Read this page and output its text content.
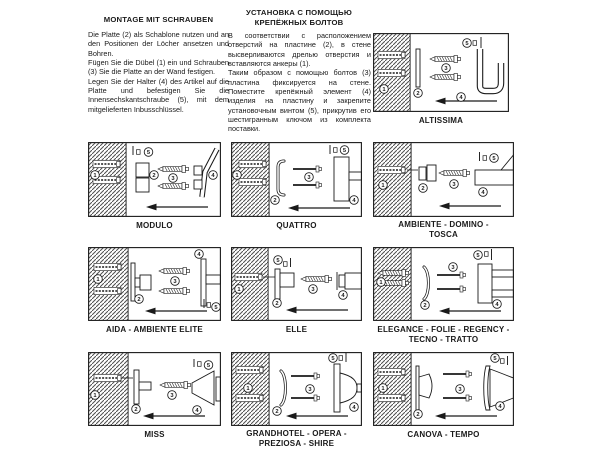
MONTAGE MIT SCHRAUBEN

Die Platte (2) als Schablone nutzen und an den Positionen der Löcher ansetzen und Bohren.

Fügen Sie die Dübel (1) ein und Schrauben (3) Sie die Platte an der Wand festigen.

Legen Sie der Halter (4) des Artikel auf die Platte und befestigen Sie die Innensechskantschraube (5), mit dem mitgelieferten Inbusschlüssel.

УСТАНОВКА С ПОМОЩЬЮ КРЕПЁЖНЫХ БОЛТОВ

В соответствии с расположением отверстий на пластине (2), в стене высверливаются дрелью отверстия и вставляются анкеры (1).

Таким образом с помощью болтов (3) пластина фиксируется на стене. Поместите крепёжный элемент (4) изделия на пластину и закрепите установочным винтом (5), прикрутив его шестигранным ключом из комплекта поставки.

1
2
3
4
5
ALTISSIMA
1	2	3	4
5
MODULO
1
2
3
4
5
QUATTRO
1	2
3
4
5
AMBIENTE - DOMINO - TOSCA
1
2
3
4
5
AIDA - AMBIENTE ELITE
5
1
2
3
4
ELLE
5
1
2
3
4
ELEGANCE - FOLIE - REGENCY - TECNO - TRATTO
1
2
3
4
5
MISS
5
1
2
3
4
GRANDHOTEL - OPERA - PREZIOSA - SHIRE
5
1
2
3
4
CANOVA - TEMPO
